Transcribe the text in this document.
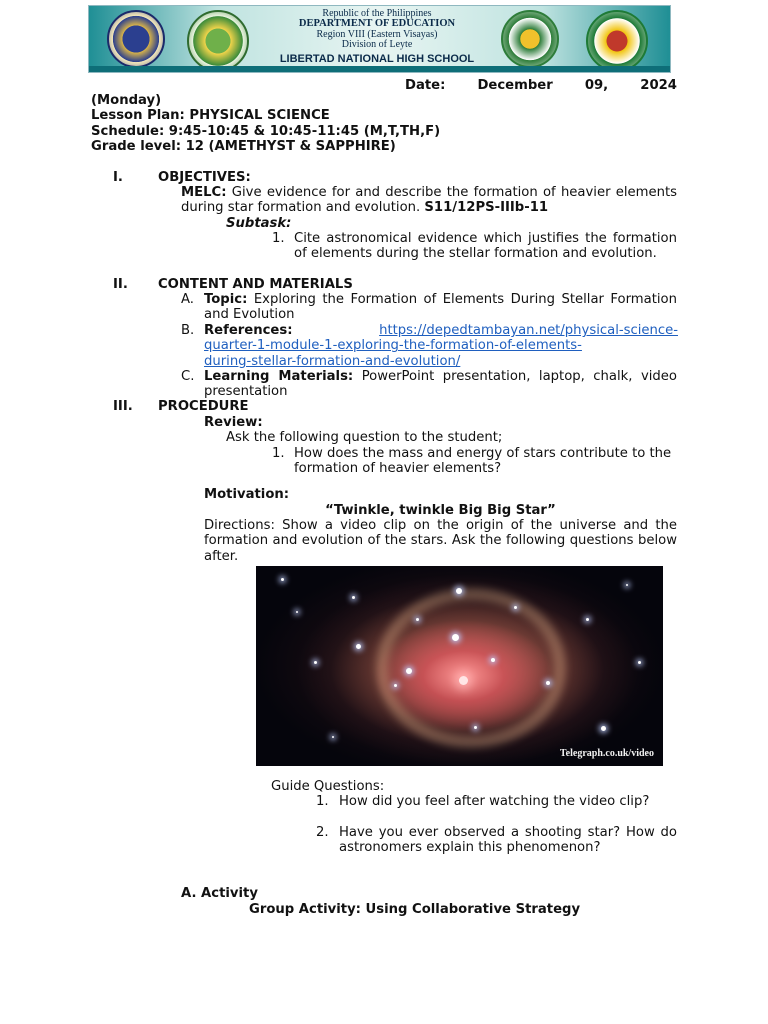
Republic of the Philippines
DEPARTMENT OF EDUCATION
Region VIII (Eastern Visayas)
Division of Leyte
LIBERTAD NATIONAL HIGH SCHOOL
Date: December 09, 2024
(Monday)
Lesson Plan: PHYSICAL SCIENCE
Schedule: 9:45-10:45 & 10:45-11:45 (M,T,TH,F)
Grade level: 12 (AMETHYST & SAPPHIRE)
I.	OBJECTIVES:
MELC: Give evidence for and describe the formation of heavier elements during star formation and evolution. S11/12PS-IIIb-11
Subtask:
1. Cite astronomical evidence which justifies the formation of elements during the stellar formation and evolution.
II. CONTENT AND MATERIALS
A. Topic: Exploring the Formation of Elements During Stellar Formation and Evolution
B. References:	https://depedtambayan.net/physical-science-
quarter-1-module-1-exploring-the-formation-of-elements-
during-stellar-formation-and-evolution/
C. Learning Materials: PowerPoint presentation, laptop, chalk, video presentation
III. PROCEDURE
Review:
Ask the following question to the student;
1. How does the mass and energy of stars contribute to the formation of heavier elements?
Motivation:
“Twinkle, twinkle Big Big Star”
Directions: Show a video clip on the origin of the universe and the formation and evolution of the stars. Ask the following questions below after.
Telegraph.co.uk/video
Guide Questions:
1. How did you feel after watching the video clip?
2. Have you ever observed a shooting star? How do astronomers explain this phenomenon?
A. Activity
Group Activity: Using Collaborative Strategy
